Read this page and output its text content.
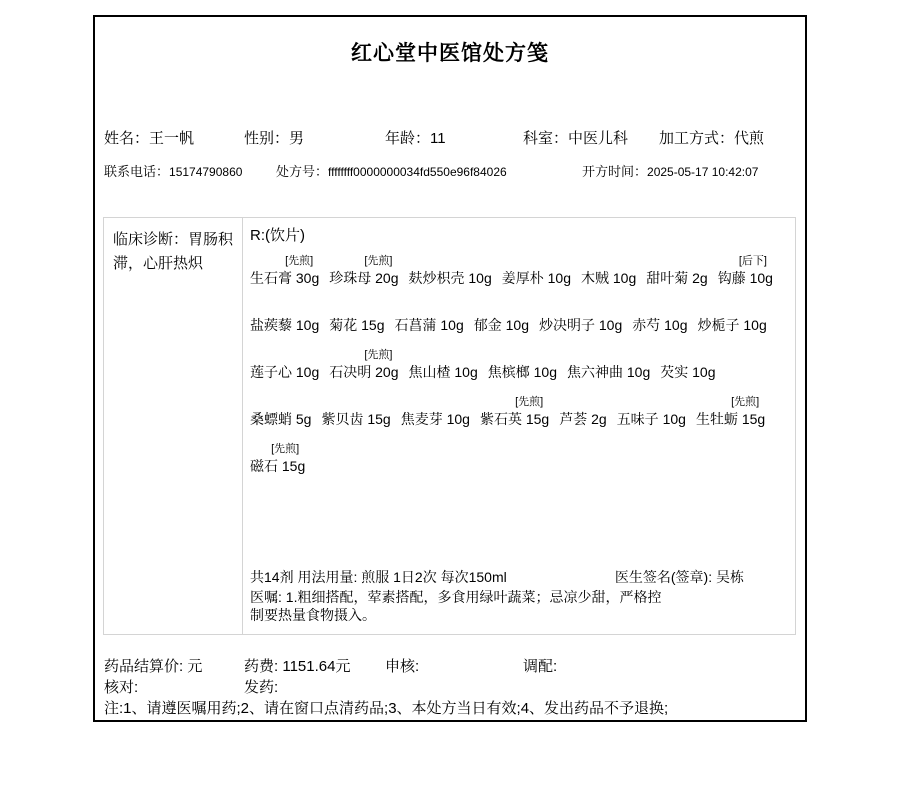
红心堂中医馆处方笺
姓名：王一帆	性别：男	年龄：11	科室：中医儿科 加工方式：代煎
联系电话：15174790860	处方号：ffffffff0000000034fd550e96f84026	开方时间：2025-05-17 10:42:07
临床诊断：胃肠积滞，心肝热炽
R:(饮片)
[先煎]
生石膏 30g
[先煎]
珍珠母 20g
麸炒枳壳 10g
姜厚朴 10g
木贼 10g
甜叶菊 2g
[后下]
钩藤 10g

盐蒺藜 10g
菊花 15g
石菖蒲 10g
郁金 10g
炒决明子 10g
赤芍 10g
炒栀子 10g

莲子心 10g
[先煎]
石决明 20g
焦山楂 10g
焦槟榔 10g
焦六神曲 10g
芡实 10g

桑螵蛸 5g
紫贝齿 15g
焦麦芽 10g
[先煎]
紫石英 15g
芦荟 2g
五味子 10g
[先煎]
生牡蛎 15g
[先煎]
磁石 15g
共14剂 用法用量: 煎服 1日2次 每次150ml	医生签名(签章): 吴栋
医嘱: 1.粗细搭配，荤素搭配，多食用绿叶蔬菜；忌凉少甜，严格控制要热量食物摄入。
药品结算价: 元	药费: 1151.64元 申核:	调配:
核对:	发药:
注:1、请遵医嘱用药;2、请在窗口点清药品;3、本处方当日有效;4、发出药品不予退换;
